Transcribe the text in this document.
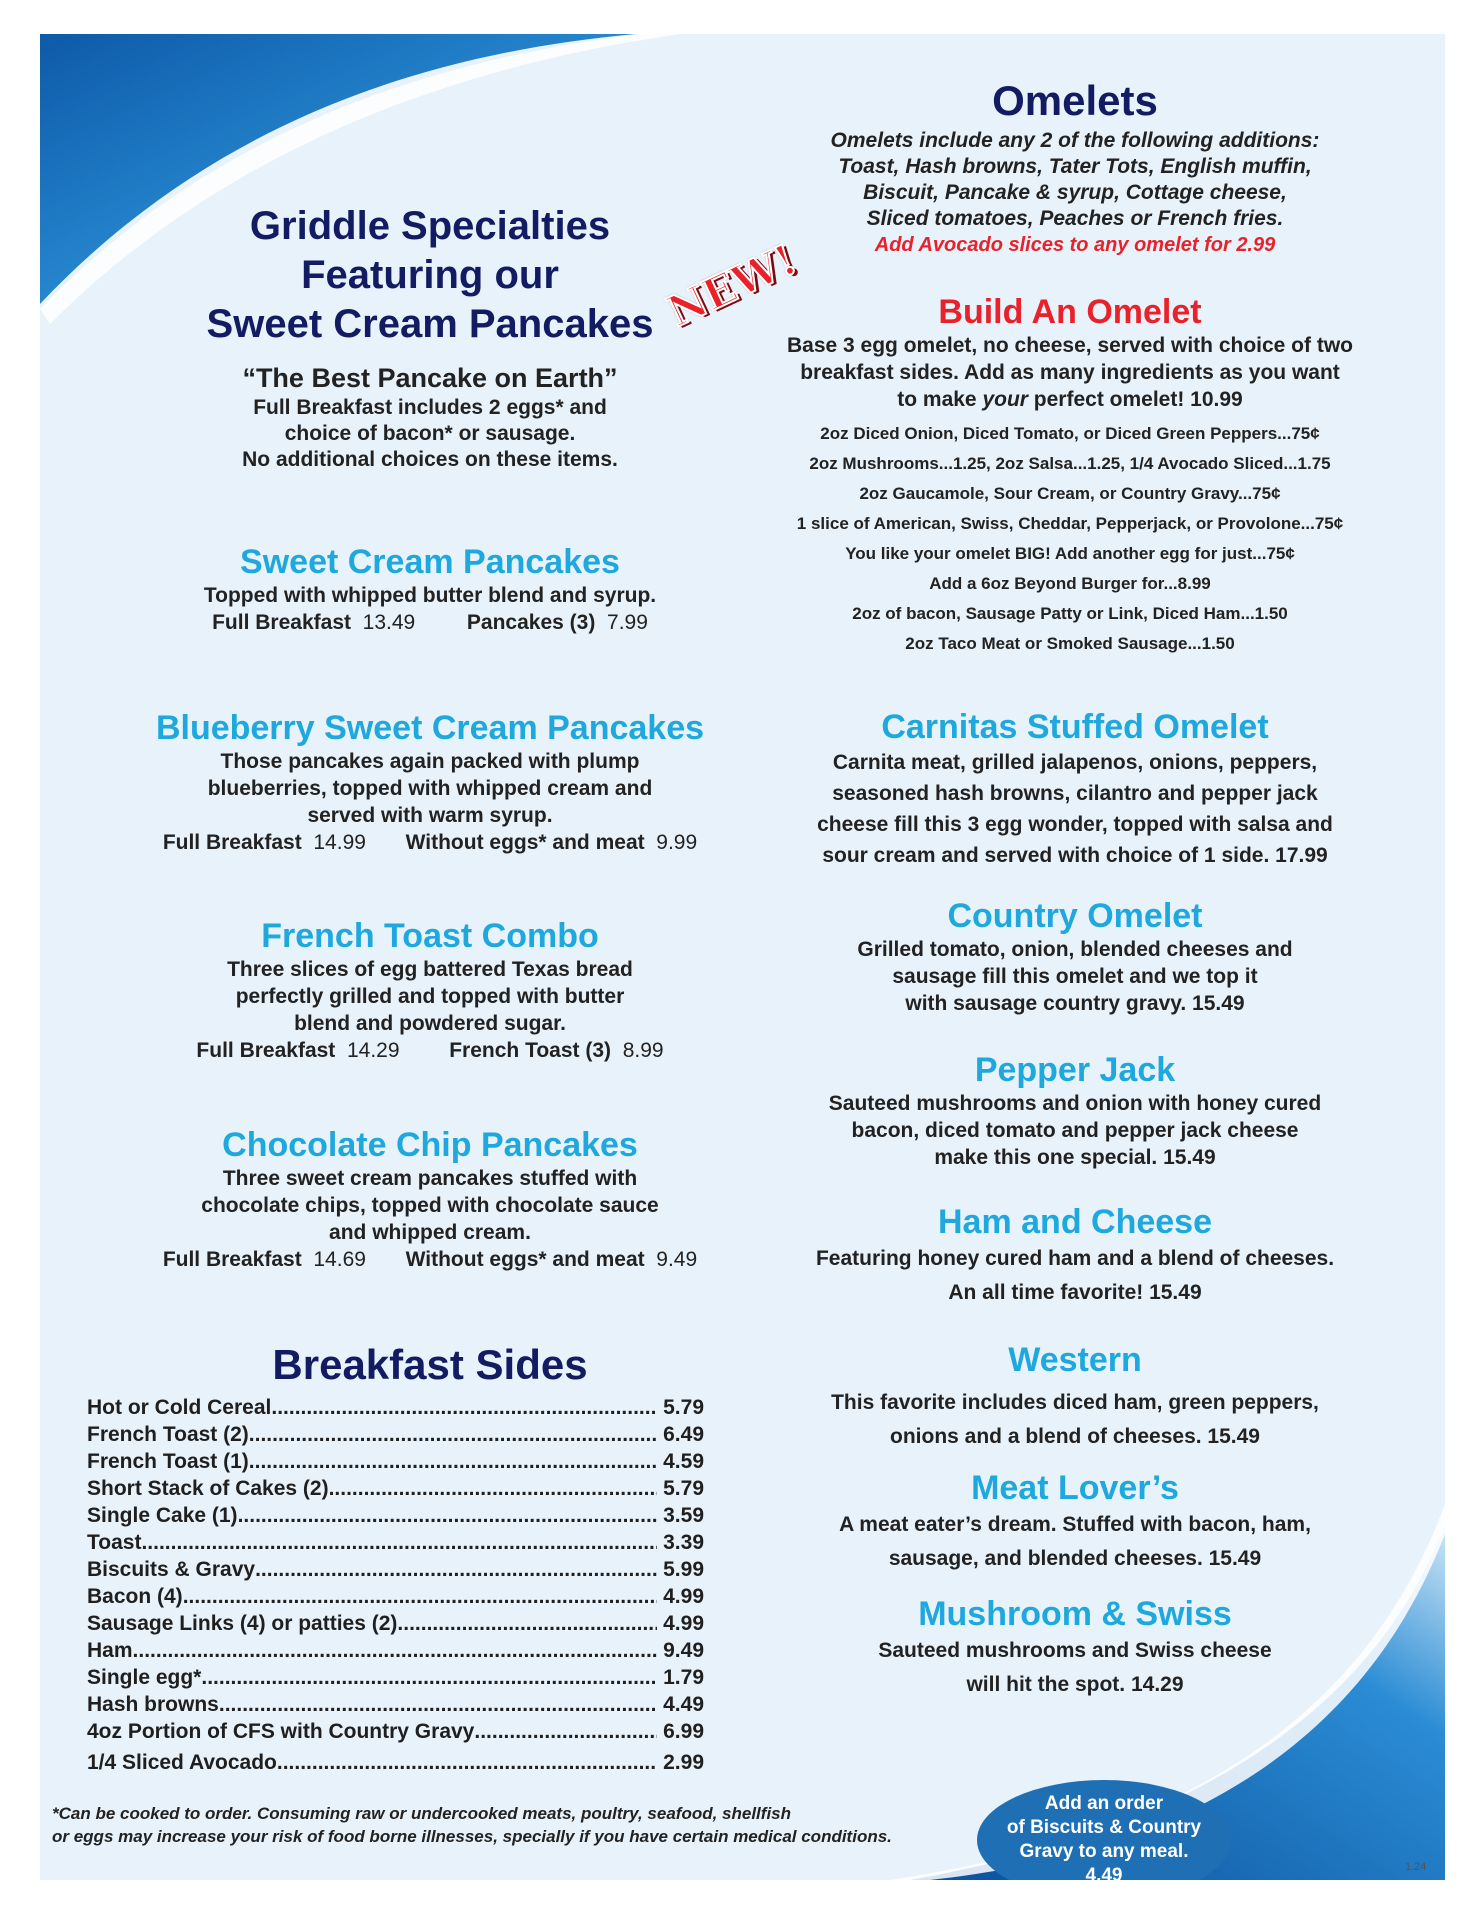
Griddle Specialties
Featuring our
Sweet Cream Pancakes
“The Best Pancake on Earth”
Full Breakfast includes 2 eggs* and
choice of bacon* or sausage.
No additional choices on these items.
Sweet Cream Pancakes
Topped with whipped butter blend and syrup.
Full Breakfast 13.49 Pancakes (3) 7.99
Blueberry Sweet Cream Pancakes
Those pancakes again packed with plump
blueberries, topped with whipped cream and
served with warm syrup.
Full Breakfast 14.99 Without eggs* and meat 9.99
French Toast Combo
Three slices of egg battered Texas bread
perfectly grilled and topped with butter
blend and powdered sugar.
Full Breakfast 14.29 French Toast (3) 8.99
Chocolate Chip Pancakes
Three sweet cream pancakes stuffed with
chocolate chips, topped with chocolate sauce
and whipped cream.
Full Breakfast 14.69 Without eggs* and meat 9.49
Breakfast Sides
Hot or Cold Cereal .....	5.79
French Toast (2) .....	6.49
French Toast (1) .....	4.59
Short Stack of Cakes (2) .....	5.79
Single Cake (1) .....	3.59
Toast .....	3.39
Biscuits & Gravy .....	5.99
Bacon (4) .....	4.99
Sausage Links (4) or patties (2) .....	4.99
Ham .....	9.49
Single egg* .....	1.79
Hash browns .....	4.49
4oz Portion of CFS with Country Gravy .....	6.99
1/4 Sliced Avocado .....	2.99
*Can be cooked to order. Consuming raw or undercooked meats, poultry, seafood, shellfish
or eggs may increase your risk of food borne illnesses, specially if you have certain medical conditions.
1.24
Omelets
Omelets include any 2 of the following additions:
Toast, Hash browns, Tater Tots, English muffin,
Biscuit, Pancake & syrup, Cottage cheese,
Sliced tomatoes, Peaches or French fries.
Add Avocado slices to any omelet for 2.99
NEW!	Build An Omelet
Base 3 egg omelet, no cheese, served with choice of two
breakfast sides. Add as many ingredients as you want
to make your perfect omelet! 10.99
2oz Diced Onion, Diced Tomato, or Diced Green Peppers...75¢
2oz Mushrooms...1.25, 2oz Salsa...1.25, 1/4 Avocado Sliced...1.75
2oz Gaucamole, Sour Cream, or Country Gravy...75¢
1 slice of American, Swiss, Cheddar, Pepperjack, or Provolone...75¢
You like your omelet BIG! Add another egg for just...75¢
Add a 6oz Beyond Burger for...8.99
2oz of bacon, Sausage Patty or Link, Diced Ham...1.50
2oz Taco Meat or Smoked Sausage...1.50
Carnitas Stuffed Omelet
Carnita meat, grilled jalapenos, onions, peppers,
seasoned hash browns, cilantro and pepper jack
cheese fill this 3 egg wonder, topped with salsa and
sour cream and served with choice of 1 side. 17.99
Country Omelet
Grilled tomato, onion, blended cheeses and
sausage fill this omelet and we top it
with sausage country gravy. 15.49
Pepper Jack
Sauteed mushrooms and onion with honey cured
bacon, diced tomato and pepper jack cheese
make this one special. 15.49
Ham and Cheese
Featuring honey cured ham and a blend of cheeses.
An all time favorite! 15.49
Western
This favorite includes diced ham, green peppers,
onions and a blend of cheeses. 15.49
Meat Lover’s
A meat eater’s dream. Stuffed with bacon, ham,
sausage, and blended cheeses. 15.49
Mushroom & Swiss
Sauteed mushrooms and Swiss cheese
will hit the spot. 14.29
Add an order
of Biscuits & Country
Gravy to any meal.
4.49
